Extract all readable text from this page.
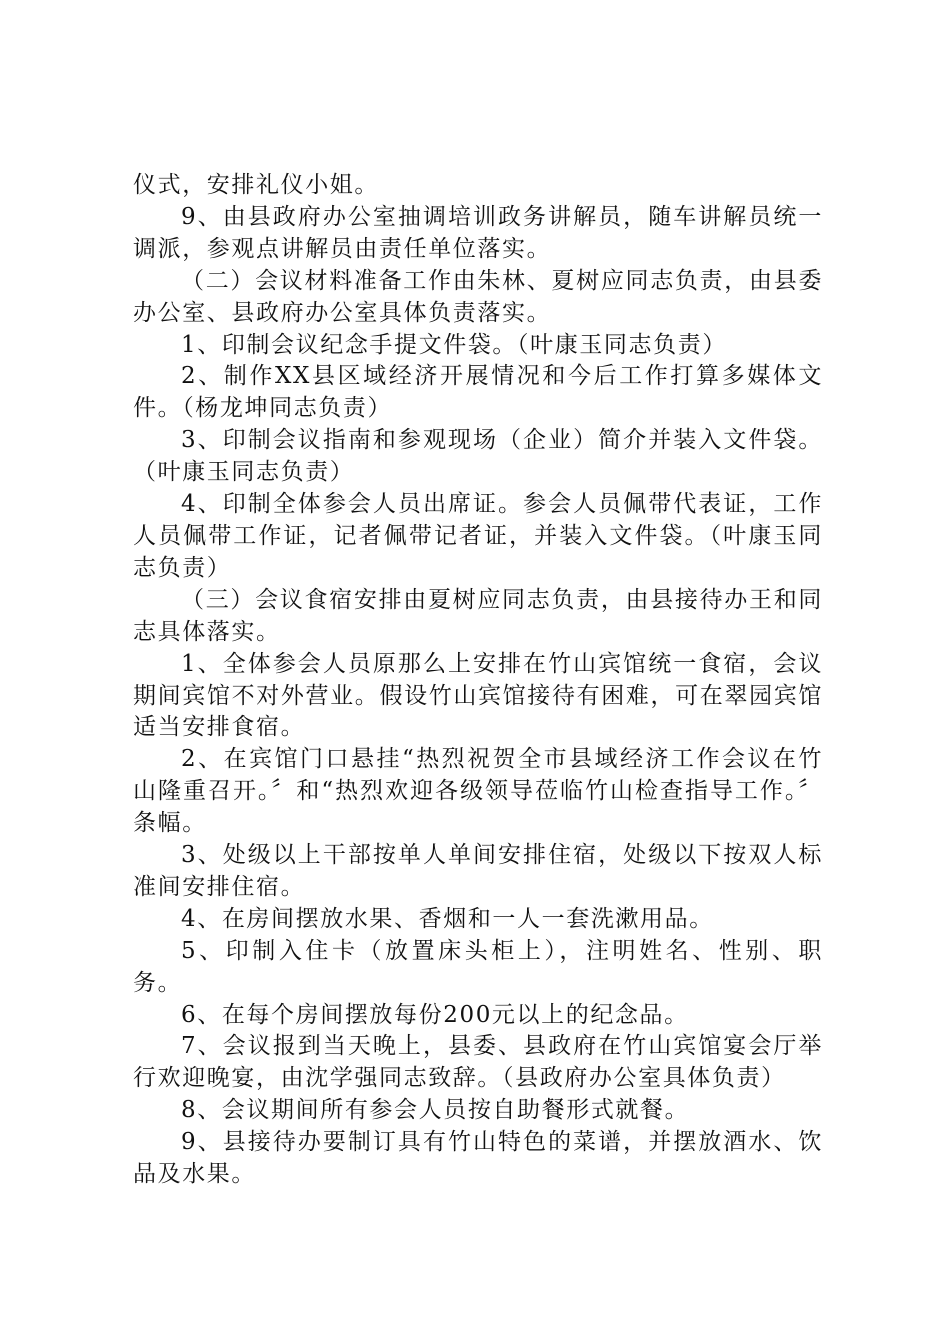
仪式，安排礼仪小姐。

9、由县政府办公室抽调培训政务讲解员，随车讲解员统一调派，参观点讲解员由责任单位落实。

（二）会议材料准备工作由朱林、夏树应同志负责，由县委办公室、县政府办公室具体负责落实。

1、印制会议纪念手提文件袋。（叶康玉同志负责）

2、制作XX县区域经济开展情况和今后工作打算多媒体文件。（杨龙坤同志负责）

3、印制会议指南和参观现场（企业）简介并装入文件袋。（叶康玉同志负责）

4、印制全体参会人员出席证。参会人员佩带代表证，工作人员佩带工作证，记者佩带记者证，并装入文件袋。（叶康玉同志负责）

（三）会议食宿安排由夏树应同志负责，由县接待办王和同志具体落实。

1、全体参会人员原那么上安排在竹山宾馆统一食宿，会议期间宾馆不对外营业。假设竹山宾馆接待有困难，可在翠园宾馆适当安排食宿。

2、在宾馆门口悬挂“热烈祝贺全市县域经济工作会议在竹山隆重召开。〞和“热烈欢迎各级领导莅临竹山检查指导工作。〞条幅。

3、处级以上干部按单人单间安排住宿，处级以下按双人标准间安排住宿。

4、在房间摆放水果、香烟和一人一套洗漱用品。

5、印制入住卡（放置床头柜上），注明姓名、性别、职务。

6、在每个房间摆放每份200元以上的纪念品。

7、会议报到当天晚上，县委、县政府在竹山宾馆宴会厅举行欢迎晚宴，由沈学强同志致辞。（县政府办公室具体负责）

8、会议期间所有参会人员按自助餐形式就餐。

9、县接待办要制订具有竹山特色的菜谱，并摆放酒水、饮品及水果。
